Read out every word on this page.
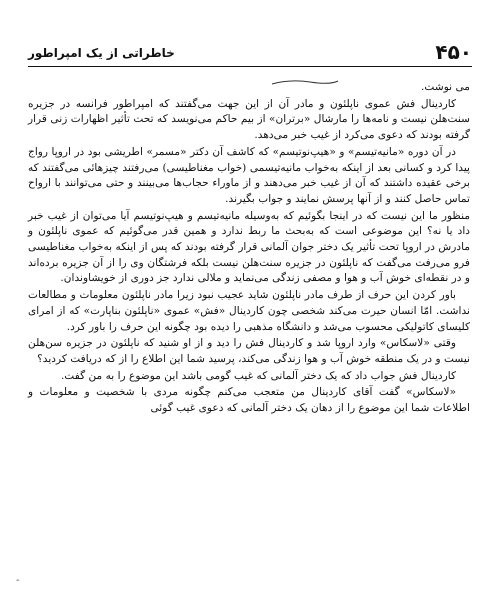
۴۵۰
خاطراتی از یک امپراطور

می نوشت.

کاردینال فش عموی ناپلئون و مادر آن از این جهت می‌گفتند که امپراطور فرانسه در جزیره سنت‌هلن نیست و نامه‌ها را مارشال «برتران» از بیم حاکم می‌نویسد که تحت تأثیر اظهارات زنی قرار گرفته بودند که دعوی می‌کرد از غیب خبر می‌دهد.

در آن دوره «مانیه‌تیسم» و «هیپ‌نوتیسم» که کاشف آن دکتر «مسمر» اطریشی بود در اروپا رواج پیدا کرد و کسانی بعد از اینکه به‌خواب مانیه‌تیسمی (خواب مغناطیسی) می‌رفتند چیزهائی می‌گفتند که برخی عقیده داشتند که آن از غیب خبر می‌دهند و از ماوراء حجاب‌ها می‌بینند و حتی می‌توانند با ارواح تماس حاصل کنند و از آنها پرسش نمایند و جواب بگیرند.

منظور ما این نیست که در اینجا بگوئیم که به‌وسیله مانیه‌تیسم و هیپ‌نوتیسم آیا می‌توان از غیب خبر داد یا نه؟ این موضوعی است که به‌بحث ما ربط ندارد و همین قدر می‌گوئیم که عموی ناپلئون و مادرش در اروپا تحت تأثیر یک دختر جوان آلمانی قرار گرفته بودند که پس از اینکه به‌خواب مغناطیسی فرو می‌رفت می‌گفت که ناپلئون در جزیره سنت‌هلن نیست بلکه فرشتگان وی را از آن جزیره برده‌اند و در نقطه‌ای خوش آب و هوا و مصفی زندگی می‌نماید و ملالی ندارد جز دوری از خویشاوندان.

باور کردن این حرف از طرف مادر ناپلئون شاید عجیب نبود زیرا مادر ناپلئون معلومات و مطالعات نداشت. امّا انسان حیرت می‌کند شخصی چون کاردینال «فش» عموی «ناپلئون بناپارت» که از امرای کلیسای کاتولیکی محسوب می‌شد و دانشگاه مذهبی را دیده بود چگونه این حرف را باور کرد.

وقتی «لاسکاس» وارد اروپا شد و کاردینال فش را دید و از او شنید که ناپلئون در جزیره سن‌هلن نیست و در یک منطقه خوش آب و هوا زندگی می‌کند، پرسید شما این اطلاع را از که دریافت کردید؟

کاردینال فش جواب داد که یک دختر آلمانی که غیب گومی باشد این موضوع را به من گفت.

«لاسکاس» گفت آقای کاردینال من متعجب می‌کنم چگونه مردی با شخصیت و معلومات و اطلاعات شما این موضوع را از دهان یک دختر آلمانی که دعوی غیب گوئی

-
